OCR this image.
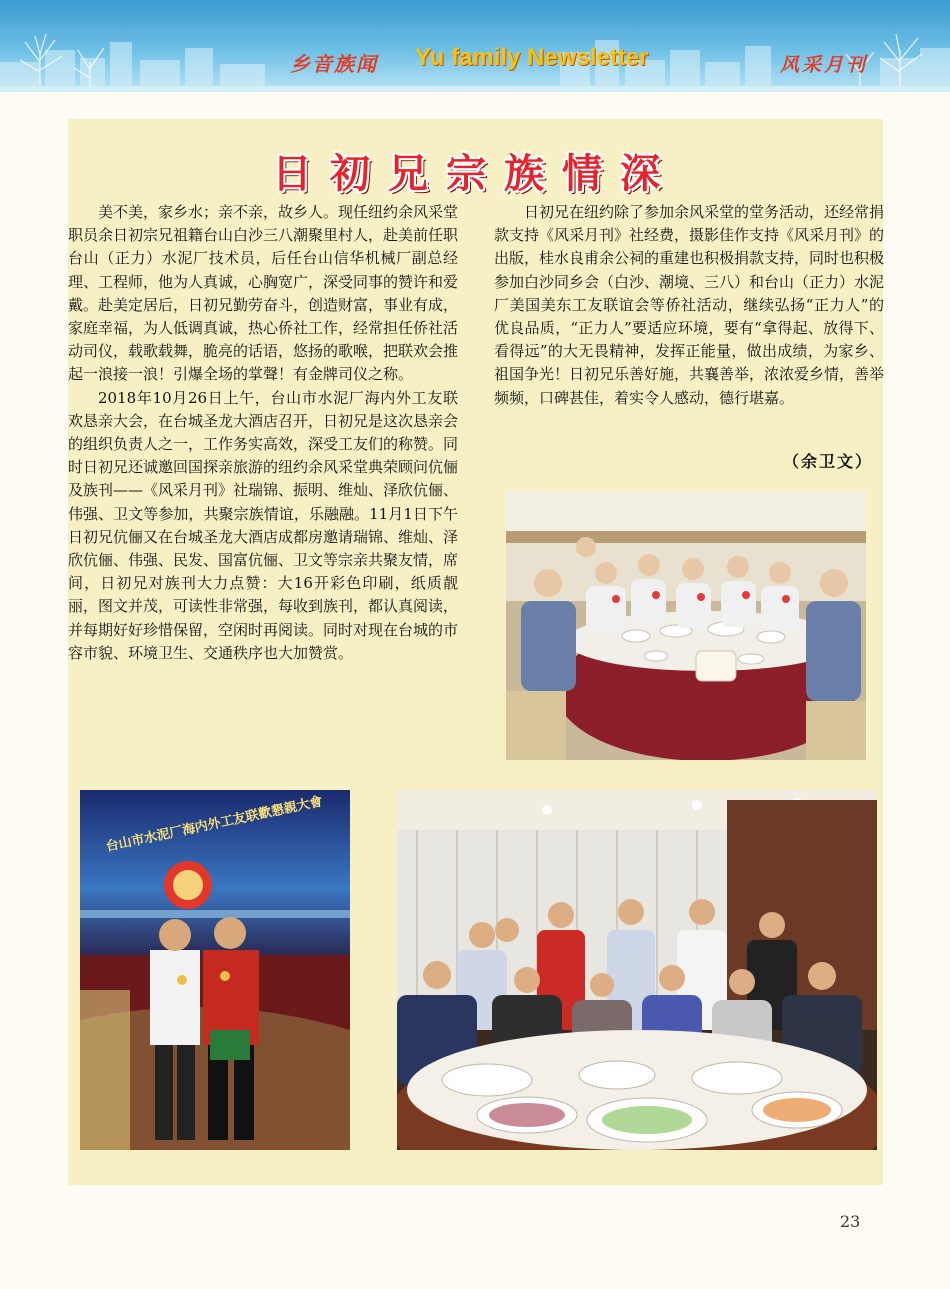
乡音族闻 Yu family Newsletter	风采月刊
日初兄宗族情深

美不美，家乡水；亲不亲，故乡人。现任纽约余风采堂职员余日初宗兄祖籍台山白沙三八潮聚里村人，赴美前任职台山（正力）水泥厂技术员，后任台山信华机械厂副总经理、工程师，他为人真诚，心胸宽广，深受同事的赞许和爱戴。赴美定居后，日初兄勤劳奋斗，创造财富，事业有成，家庭幸福，为人低调真诚，热心侨社工作，经常担任侨社活动司仪，载歌载舞，脆亮的话语，悠扬的歌喉，把联欢会推起一浪接一浪！引爆全场的掌聲！有金牌司仪之称。

2018年10月26日上午，台山市水泥厂海内外工友联欢恳亲大会，在台城圣龙大酒店召开，日初兄是这次恳亲会的组织负责人之一，工作务实高效，深受工友们的称赞。同时日初兄还诚邀回国探亲旅游的纽约余风采堂典荣顾问伉俪及族刊——《风采月刊》社瑞锦、振明、维灿、泽欣伉俪、伟强、卫文等参加，共聚宗族情谊，乐融融。11月1日下午日初兄伉俪又在台城圣龙大酒店成都房邀请瑞锦、维灿、泽欣伉俪、伟强、民发、国富伉俪、卫文等宗亲共聚友情，席间，日初兄对族刊大力点赞：大16开彩色印刷，纸质靓丽，图文并茂，可读性非常强，每收到族刊，都认真阅读，并每期好好珍惜保留，空闲时再阅读。同时对现在台城的市容市貌、环境卫生、交通秩序也大加赞赏。

日初兄在纽约除了参加余风采堂的堂务活动，还经常捐款支持《风采月刊》社经费，摄影佳作支持《风采月刊》的出版，桂水良甫余公祠的重建也积极捐款支持，同时也积极参加白沙同乡会（白沙、潮境、三八）和台山（正力）水泥厂美国美东工友联谊会等侨社活动，继续弘扬“正力人”的优良品质，“正力人”要适应环境，要有“拿得起、放得下、看得远”的大无畏精神，发挥正能量，做出成绩，为家乡、祖国争光！日初兄乐善好施，共襄善举，浓浓爱乡情，善举频频，口碑甚佳，着实令人感动，德行堪嘉。

（余卫文）
台山市水泥厂海内外工友联歡懇親大會
23
